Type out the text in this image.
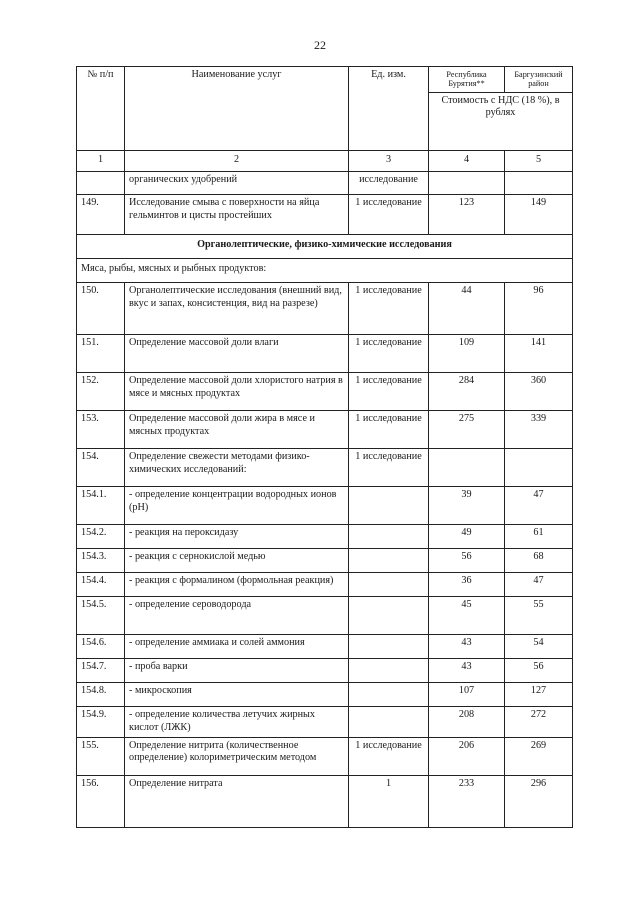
22
№ п/п	Наименование услуг	Ед. изм.	Республика Бурятия**	Баргузинский район
			Стоимость с НДС (18 %), в рублях	
1	2	3	4	5
	органических удобрений	исследование		
149.	Исследование смыва с поверхности на яйца гельминтов и цисты простейших	1 исследование	123	149
Органолептические, физико-химические исследования				
Мяса, рыбы, мясных и рыбных продуктов:				
150.	Органолептические исследования (внешний вид, вкус и запах, консистенция, вид на разрезе)	1 исследование	44	96
151.	Определение массовой доли влаги	1 исследование	109	141
152.	Определение массовой доли хлористого натрия в мясе и мясных продуктах	1 исследование	284	360
153.	Определение массовой доли жира в мясе и мясных продуктах	1 исследование	275	339
154.	Определение свежести методами физико-химических исследований:	1 исследование		
154.1.	- определение концентрации водородных ионов (рН)		39	47
154.2.	- реакция на пероксидазу		49	61
154.3.	- реакция с сернокислой медью		56	68
154.4.	- реакция с формалином (формольная реакция)		36	47
154.5.	- определение сероводорода		45	55
154.6.	- определение аммиака и солей аммония		43	54
154.7.	- проба варки		43	56
154.8.	- микроскопия		107	127
154.9.	- определение количества летучих жирных кислот (ЛЖК)		208	272
155.	Определение нитрита (количественное определение) колориметрическим методом	1 исследование	206	269
156.	Определение нитрата	1	233	296
